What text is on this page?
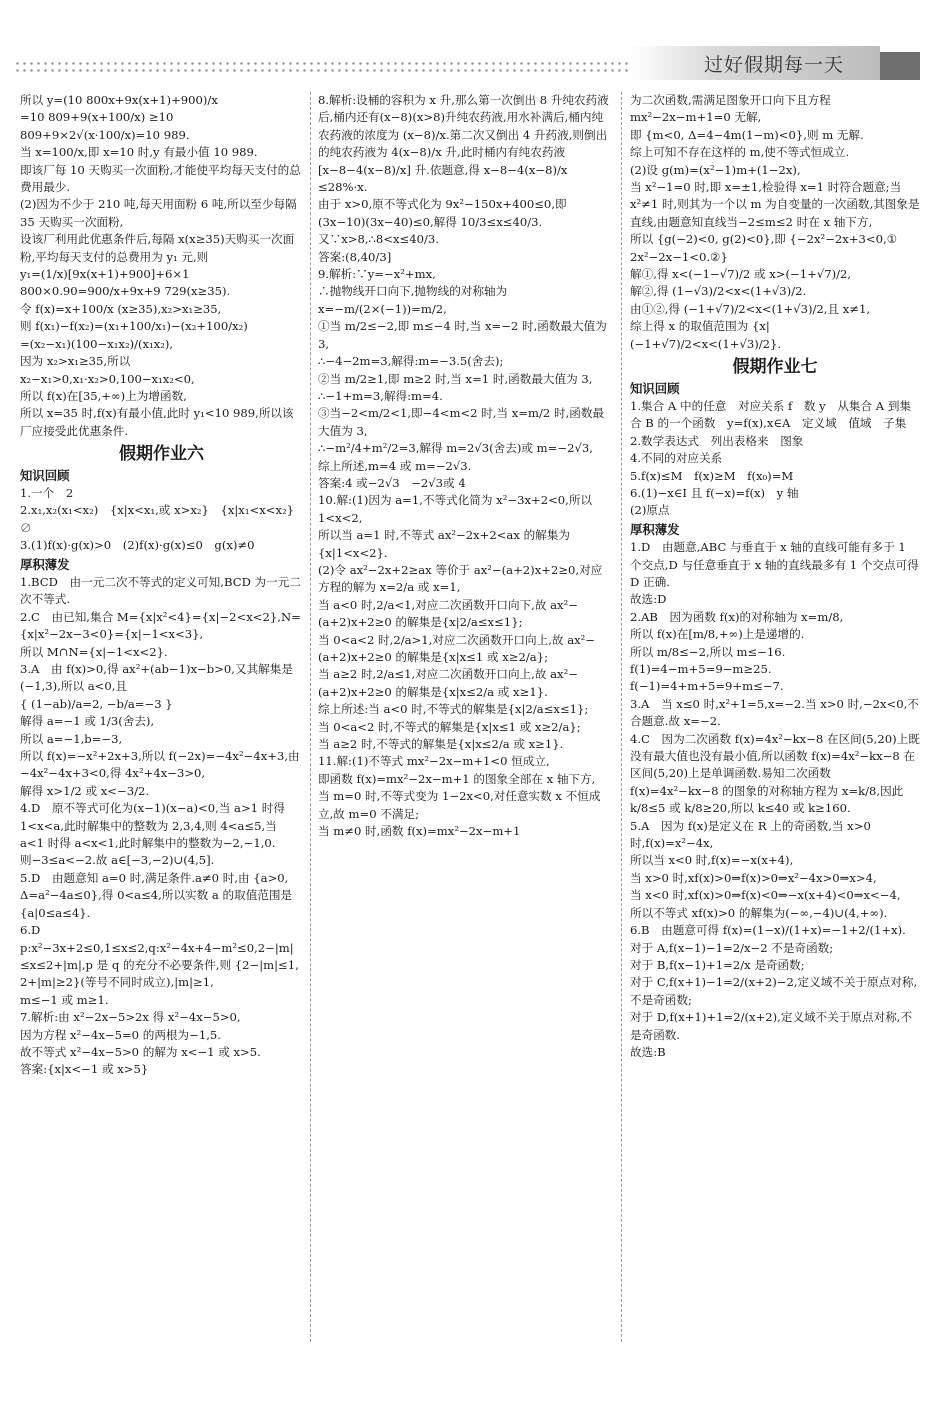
过好假期每一天

所以 y=(10 800x+9x(x+1)+900)/x

=10 809+9(x+100/x) ≥10 809+9×2√(x·100/x)=10 989.

当 x=100/x,即 x=10 时,y 有最小值 10 989.

即该厂每 10 天购买一次面粉,才能使平均每天支付的总费用最少.

(2)因为不少于 210 吨,每天用面粉 6 吨,所以至少每隔 35 天购买一次面粉,

设该厂利用此优惠条件后,每隔 x(x≥35)天购买一次面粉,平均每天支付的总费用为 y₁ 元,则

y₁=(1/x)[9x(x+1)+900]+6×1 800×0.90=900/x+9x+9 729(x≥35).

令 f(x)=x+100/x (x≥35),x₂>x₁≥35,

则 f(x₁)−f(x₂)=(x₁+100/x₁)−(x₂+100/x₂)

=(x₂−x₁)(100−x₁x₂)/(x₁x₂),

因为 x₂>x₁≥35,所以 x₂−x₁>0,x₁·x₂>0,100−x₁x₂<0,

所以 f(x)在[35,+∞)上为增函数,

所以 x=35 时,f(x)有最小值,此时 y₁<10 989,所以该厂应接受此优惠条件.

假期作业六
知识回顾

1.一个　2

2.x₁,x₂(x₁<x₂)　{x|x<x₁,或 x>x₂}　{x|x₁<x<x₂}　∅

3.(1)f(x)·g(x)>0　(2)f(x)·g(x)≤0　g(x)≠0

厚积薄发

1.BCD　由一元二次不等式的定义可知,BCD 为一元二次不等式.

2.C　由已知,集合 M={x|x²<4}={x|−2<x<2},N={x|x²−2x−3<0}={x|−1<x<3},

所以 M∩N={x|−1<x<2}.

3.A　由 f(x)>0,得 ax²+(ab−1)x−b>0,又其解集是(−1,3),所以 a<0,且

{ (1−ab)/a=2, −b/a=−3 }

解得 a=−1 或 1/3(舍去),

所以 a=−1,b=−3,

所以 f(x)=−x²+2x+3,所以 f(−2x)=−4x²−4x+3,由−4x²−4x+3<0,得 4x²+4x−3>0,

解得 x>1/2 或 x<−3/2.

4.D　原不等式可化为(x−1)(x−a)<0,当 a>1 时得 1<x<a,此时解集中的整数为 2,3,4,则 4<a≤5,当 a<1 时得 a<x<1,此时解集中的整数为−2,−1,0.

则−3≤a<−2.故 a∈[−3,−2)∪(4,5].

5.D　由题意知 a=0 时,满足条件.a≠0 时,由 {a>0, Δ=a²−4a≤0},得 0<a≤4,所以实数 a 的取值范围是{a|0≤a≤4}.

6.D　p:x²−3x+2≤0,1≤x≤2,q:x²−4x+4−m²≤0,2−|m|≤x≤2+|m|,p 是 q 的充分不必要条件,则 {2−|m|≤1, 2+|m|≥2}(等号不同时成立),|m|≥1,

m≤−1 或 m≥1.

7.解析:由 x²−2x−5>2x 得 x²−4x−5>0,

因为方程 x²−4x−5=0 的两根为−1,5.

故不等式 x²−4x−5>0 的解为 x<−1 或 x>5.

答案:{x|x<−1 或 x>5}

8.解析:设桶的容积为 x 升,那么第一次倒出 8 升纯农药液后,桶内还有(x−8)(x>8)升纯农药液,用水补满后,桶内纯农药液的浓度为 (x−8)/x.第二次又倒出 4 升药液,则倒出的纯农药液为 4(x−8)/x 升,此时桶内有纯农药液 [x−8−4(x−8)/x] 升.依题意,得 x−8−4(x−8)/x ≤28%·x.

由于 x>0,原不等式化为 9x²−150x+400≤0,即(3x−10)(3x−40)≤0,解得 10/3≤x≤40/3.

又∵x>8,∴8<x≤40/3.

答案:(8,40/3]

9.解析:∵y=−x²+mx,

∴抛物线开口向下,抛物线的对称轴为 x=−m/(2×(−1))=m/2,

①当 m/2≤−2,即 m≤−4 时,当 x=−2 时,函数最大值为 3,

∴−4−2m=3,解得:m=−3.5(舍去);

②当 m/2≥1,即 m≥2 时,当 x=1 时,函数最大值为 3,

∴−1+m=3,解得:m=4.

③当−2<m/2<1,即−4<m<2 时,当 x=m/2 时,函数最大值为 3,

∴−m²/4+m²/2=3,解得 m=2√3(舍去)或 m=−2√3,

综上所述,m=4 或 m=−2√3.

答案:4 或−2√3　−2√3或 4

10.解:(1)因为 a=1,不等式化简为 x²−3x+2<0,所以 1<x<2,

所以当 a=1 时,不等式 ax²−2x+2<ax 的解集为{x|1<x<2}.

(2)令 ax²−2x+2≥ax 等价于 ax²−(a+2)x+2≥0,对应方程的解为 x=2/a 或 x=1,

当 a<0 时,2/a<1,对应二次函数开口向下,故 ax²−(a+2)x+2≥0 的解集是{x|2/a≤x≤1};

当 0<a<2 时,2/a>1,对应二次函数开口向上,故 ax²−(a+2)x+2≥0 的解集是{x|x≤1 或 x≥2/a};

当 a≥2 时,2/a≤1,对应二次函数开口向上,故 ax²−(a+2)x+2≥0 的解集是{x|x≤2/a 或 x≥1}.

综上所述:当 a<0 时,不等式的解集是{x|2/a≤x≤1};

当 0<a<2 时,不等式的解集是{x|x≤1 或 x≥2/a};

当 a≥2 时,不等式的解集是{x|x≤2/a 或 x≥1}.

11.解:(1)不等式 mx²−2x−m+1<0 恒成立,

即函数 f(x)=mx²−2x−m+1 的图象全部在 x 轴下方,

当 m=0 时,不等式变为 1−2x<0,对任意实数 x 不恒成立,故 m=0 不满足;

当 m≠0 时,函数 f(x)=mx²−2x−m+1

为二次函数,需满足图象开口向下且方程 mx²−2x−m+1=0 无解,

即 {m<0, Δ=4−4m(1−m)<0},则 m 无解.

综上可知不存在这样的 m,使不等式恒成立.

(2)设 g(m)=(x²−1)m+(1−2x),

当 x²−1=0 时,即 x=±1,检验得 x=1 时符合题意;当 x²≠1 时,则其为一个以 m 为自变量的一次函数,其图象是直线,由题意知直线当−2≤m≤2 时在 x 轴下方,

所以 {g(−2)<0, g(2)<0},即 {−2x²−2x+3<0,① 2x²−2x−1<0.②}

解①,得 x<(−1−√7)/2 或 x>(−1+√7)/2,

解②,得 (1−√3)/2<x<(1+√3)/2.

由①②,得 (−1+√7)/2<x<(1+√3)/2,且 x≠1,

综上得 x 的取值范围为 {x|(−1+√7)/2<x<(1+√3)/2}.

假期作业七
知识回顾

1.集合 A 中的任意　对应关系 f　数 y　从集合 A 到集合 B 的一个函数　y=f(x),x∈A　定义域　值域　子集

2.数学表达式　列出表格来　图象

4.不同的对应关系

5.f(x)≤M　f(x)≥M　f(x₀)=M

6.(1)−x∈I 且 f(−x)=f(x)　y 轴

(2)原点

厚积薄发

1.D　由题意,ABC 与垂直于 x 轴的直线可能有多于 1 个交点,D 与任意垂直于 x 轴的直线最多有 1 个交点可得 D 正确.

故选:D

2.AB　因为函数 f(x)的对称轴为 x=m/8,

所以 f(x)在[m/8,+∞)上是递增的.

所以 m/8≤−2,所以 m≤−16.

f(1)=4−m+5=9−m≥25.

f(−1)=4+m+5=9+m≤−7.

3.A　当 x≤0 时,x²+1=5,x=−2.当 x>0 时,−2x<0,不合题意.故 x=−2.

4.C　因为二次函数 f(x)=4x²−kx−8 在区间(5,20)上既没有最大值也没有最小值,所以函数 f(x)=4x²−kx−8 在区间(5,20)上是单调函数.易知二次函数 f(x)=4x²−kx−8 的图象的对称轴方程为 x=k/8,因此 k/8≤5 或 k/8≥20,所以 k≤40 或 k≥160.

5.A　因为 f(x)是定义在 R 上的奇函数,当 x>0 时,f(x)=x²−4x,

所以当 x<0 时,f(x)=−x(x+4),

当 x>0 时,xf(x)>0⇒f(x)>0⇒x²−4x>0⇒x>4,

当 x<0 时,xf(x)>0⇒f(x)<0⇒−x(x+4)<0⇒x<−4,

所以不等式 xf(x)>0 的解集为(−∞,−4)∪(4,+∞).

6.B　由题意可得 f(x)=(1−x)/(1+x)=−1+2/(1+x).

对于 A,f(x−1)−1=2/x−2 不是奇函数;

对于 B,f(x−1)+1=2/x 是奇函数;

对于 C,f(x+1)−1=2/(x+2)−2,定义域不关于原点对称,不是奇函数;

对于 D,f(x+1)+1=2/(x+2),定义域不关于原点对称,不是奇函数.

故选:B
